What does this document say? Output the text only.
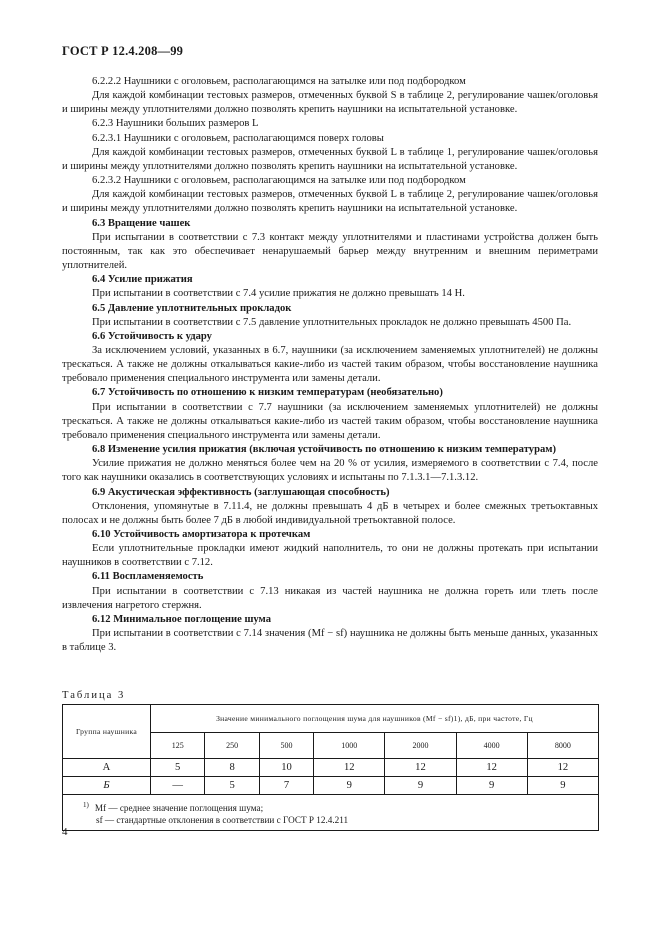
ГОСТ Р 12.4.208—99

6.2.2.2 Наушники с оголовьем, располагающимся на затылке или под подбородком

Для каждой комбинации тестовых размеров, отмеченных буквой S в таблице 2, регулирование чашек/оголовья и ширины между уплотнителями должно позволять крепить наушники на испытательной установке.

6.2.3 Наушники больших размеров L

6.2.3.1 Наушники с оголовьем, располагающимся поверх головы

Для каждой комбинации тестовых размеров, отмеченных буквой L в таблице 1, регулирование чашек/оголовья и ширины между уплотнителями должно позволять крепить наушники на испытательной установке.

6.2.3.2 Наушники с оголовьем, располагающимся на затылке или под подбородком

Для каждой комбинации тестовых размеров, отмеченных буквой L в таблице 2, регулирование чашек/оголовья и ширины между уплотнителями должно позволять крепить наушники на испытательной установке.

6.3 Вращение чашек

При испытании в соответствии с 7.3 контакт между уплотнителями и пластинами устройства должен быть постоянным, так как это обеспечивает ненарушаемый барьер между внутренним и внешним периметрами уплотнителей.

6.4 Усилие прижатия

При испытании в соответствии с 7.4 усилие прижатия не должно превышать 14 Н.

6.5 Давление уплотнительных прокладок

При испытании в соответствии с 7.5 давление уплотнительных прокладок не должно превышать 4500 Па.

6.6 Устойчивость к удару

За исключением условий, указанных в 6.7, наушники (за исключением заменяемых уплотнителей) не должны трескаться. А также не должны откалываться какие-либо из частей таким образом, чтобы восстановление наушника требовало применения специального инструмента или замены детали.

6.7 Устойчивость по отношению к низким температурам (необязательно)

При испытании в соответствии с 7.7 наушники (за исключением заменяемых уплотнителей) не должны трескаться. А также не должны откалываться какие-либо из частей таким образом, чтобы восстановление наушника требовало применения специального инструмента или замены детали.

6.8 Изменение усилия прижатия (включая устойчивость по отношению к низким температурам)

Усилие прижатия не должно меняться более чем на 20 % от усилия, измеряемого в соответствии с 7.4, после того как наушники оказались в соответствующих условиях и испытаны по 7.1.3.1—7.1.3.12.

6.9 Акустическая эффективность (заглушающая способность)

Отклонения, упомянутые в 7.11.4, не должны превышать 4 дБ в четырех и более смежных третьоктавных полосах и не должны быть более 7 дБ в любой индивидуальной третьоктавной полосе.

6.10 Устойчивость амортизатора к протечкам

Если уплотнительные прокладки имеют жидкий наполнитель, то они не должны протекать при испытании наушников в соответствии с 7.12.

6.11 Воспламеняемость

При испытании в соответствии с 7.13 никакая из частей наушника не должна гореть или тлеть после извлечения нагретого стержня.

6.12 Минимальное поглощение шума

При испытании в соответствии с 7.14 значения (Mf − sf) наушника не должны быть меньше данных, указанных в таблице 3.

Таблица 3
Группа наушника	Значение минимального поглощения шума для наушников (Mf − sf)1), дБ, при частоте, Гц						
	125	250	500	1000	2000	4000	8000
А	5	8	10	12	12	12	12
Б	—	5	7	9	9	9	9

$^{1)}$ Mf — среднее значение поглощения шума;
sf — стандартные отклонения в соответствии с ГОСТ Р 12.4.211							
4
